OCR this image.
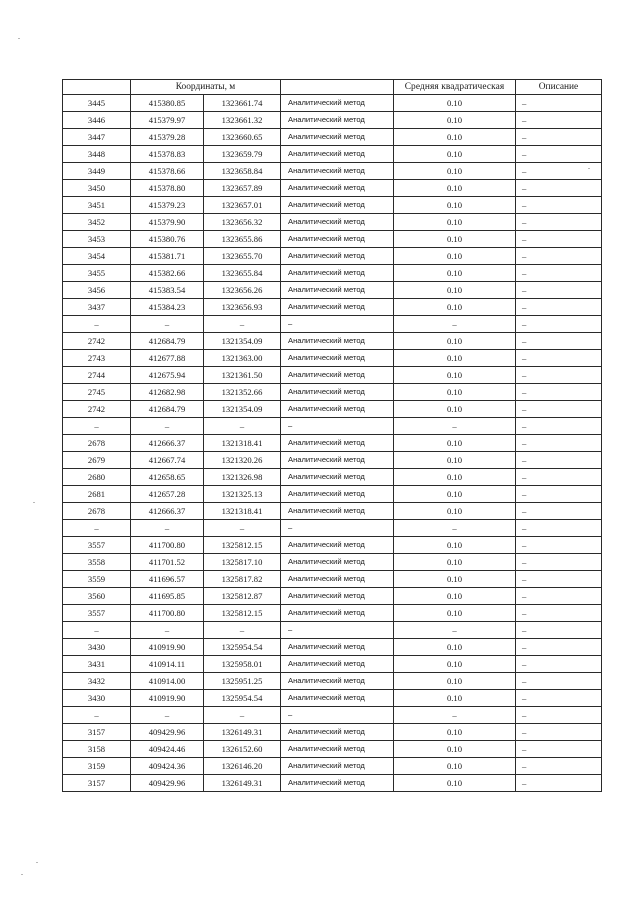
	Координаты, м			Средняя квадратическая	Описание
3445	415380.85	1323661.74	Аналитический метод	0.10	–
3446	415379.97	1323661.32	Аналитический метод	0.10	–
3447	415379.28	1323660.65	Аналитический метод	0.10	–
3448	415378.83	1323659.79	Аналитический метод	0.10	–
3449	415378.66	1323658.84	Аналитический метод	0.10	–
3450	415378.80	1323657.89	Аналитический метод	0.10	–
3451	415379.23	1323657.01	Аналитический метод	0.10	–
3452	415379.90	1323656.32	Аналитический метод	0.10	–
3453	415380.76	1323655.86	Аналитический метод	0.10	–
3454	415381.71	1323655.70	Аналитический метод	0.10	–
3455	415382.66	1323655.84	Аналитический метод	0.10	–
3456	415383.54	1323656.26	Аналитический метод	0.10	–
3437	415384.23	1323656.93	Аналитический метод	0.10	–
–	–	–	–	–	–
2742	412684.79	1321354.09	Аналитический метод	0.10	–
2743	412677.88	1321363.00	Аналитический метод	0.10	–
2744	412675.94	1321361.50	Аналитический метод	0.10	–
2745	412682.98	1321352.66	Аналитический метод	0.10	–
2742	412684.79	1321354.09	Аналитический метод	0.10	–
–	–	–	–	–	–
2678	412666.37	1321318.41	Аналитический метод	0.10	–
2679	412667.74	1321320.26	Аналитический метод	0.10	–
2680	412658.65	1321326.98	Аналитический метод	0.10	–
2681	412657.28	1321325.13	Аналитический метод	0.10	–
2678	412666.37	1321318.41	Аналитический метод	0.10	–
–	–	–	–	–	–
3557	411700.80	1325812.15	Аналитический метод	0.10	–
3558	411701.52	1325817.10	Аналитический метод	0.10	–
3559	411696.57	1325817.82	Аналитический метод	0.10	–
3560	411695.85	1325812.87	Аналитический метод	0.10	–
3557	411700.80	1325812.15	Аналитический метод	0.10	–
–	–	–	–	–	–
3430	410919.90	1325954.54	Аналитический метод	0.10	–
3431	410914.11	1325958.01	Аналитический метод	0.10	–
3432	410914.00	1325951.25	Аналитический метод	0.10	–
3430	410919.90	1325954.54	Аналитический метод	0.10	–
–	–	–	–	–	–
3157	409429.96	1326149.31	Аналитический метод	0.10	–
3158	409424.46	1326152.60	Аналитический метод	0.10	–
3159	409424.36	1326146.20	Аналитический метод	0.10	–
3157	409429.96	1326149.31	Аналитический метод	0.10	–
